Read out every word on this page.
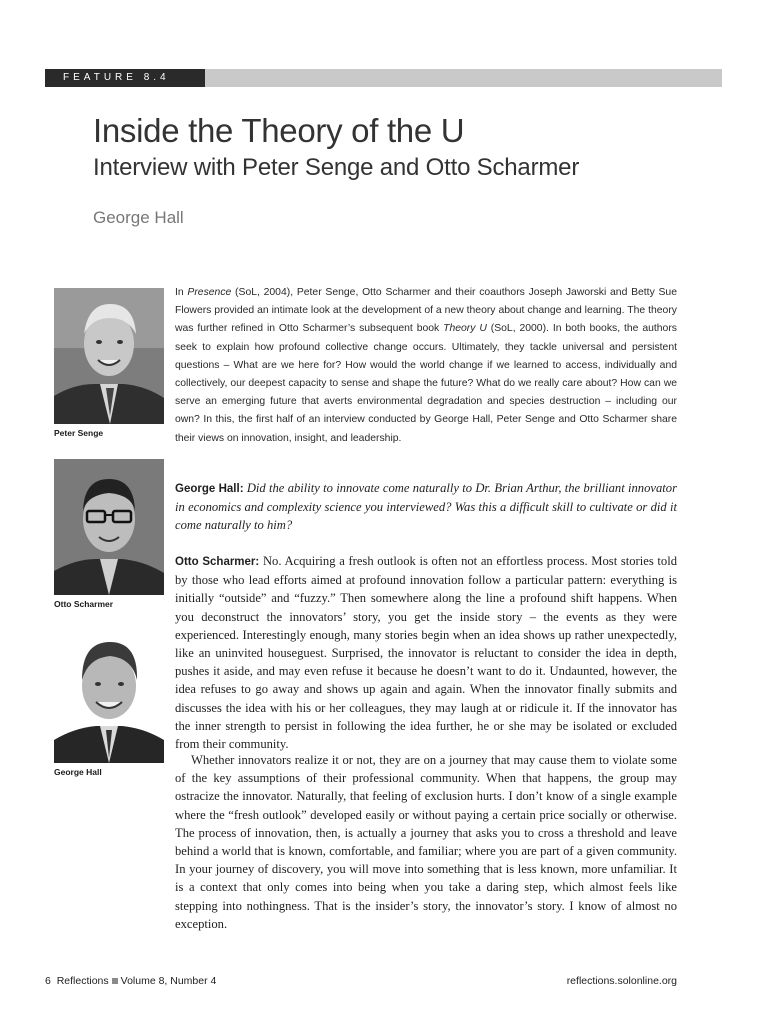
FEATURE 8.4
Inside the Theory of the U
Interview with Peter Senge and Otto Scharmer
George Hall
Peter Senge
Otto Scharmer
George Hall

In Presence (SoL, 2004), Peter Senge, Otto Scharmer and their coauthors Joseph Jaworski and Betty Sue Flowers provided an intimate look at the development of a new theory about change and learning. The theory was further refined in Otto Scharmer’s subsequent book Theory U (SoL, 2000). In both books, the authors seek to explain how profound collective change occurs. Ultimately, they tackle universal and persistent questions – What are we here for? How would the world change if we learned to access, individually and collectively, our deepest capacity to sense and shape the future? What do we really care about? How can we serve an emerging future that averts environmental degradation and species destruction – including our own? In this, the first half of an interview conducted by George Hall, Peter Senge and Otto Scharmer share their views on innovation, insight, and leadership.

George Hall: Did the ability to innovate come naturally to Dr. Brian Arthur, the brilliant innovator in economics and complexity science you interviewed? Was this a difficult skill to cultivate or did it come naturally to him?

Otto Scharmer: No. Acquiring a fresh outlook is often not an effortless process. Most stories told by those who lead efforts aimed at profound innovation follow a particular pattern: everything is initially “outside” and “fuzzy.” Then somewhere along the line a profound shift happens. When you deconstruct the innovators’ story, you get the inside story – the events as they were experienced. Interestingly enough, many stories begin when an idea shows up rather unexpectedly, like an uninvited houseguest. Surprised, the innovator is reluctant to consider the idea in depth, pushes it aside, and may even refuse it because he doesn’t want to do it. Undaunted, however, the idea refuses to go away and shows up again and again. When the innovator finally submits and discusses the idea with his or her colleagues, they may laugh at or ridicule it. If the innovator has the inner strength to persist in following the idea further, he or she may be isolated or excluded from their community.

Whether innovators realize it or not, they are on a journey that may cause them to violate some of the key assumptions of their professional community. When that happens, the group may ostracize the innovator. Naturally, that feeling of exclusion hurts. I don’t know of a single example where the “fresh outlook” developed easily or without paying a certain price socially or otherwise. The process of innovation, then, is actually a journey that asks you to cross a threshold and leave behind a world that is known, comfortable, and familiar; where you are part of a given community. In your journey of discovery, you will move into something that is less known, more unfamiliar. It is a context that only comes into being when you take a daring step, which almost feels like stepping into nothingness. That is the insider’s story, the innovator’s story. I know of almost no exception.

6 Reflections Volume 8, Number 4	reflections.solonline.org
